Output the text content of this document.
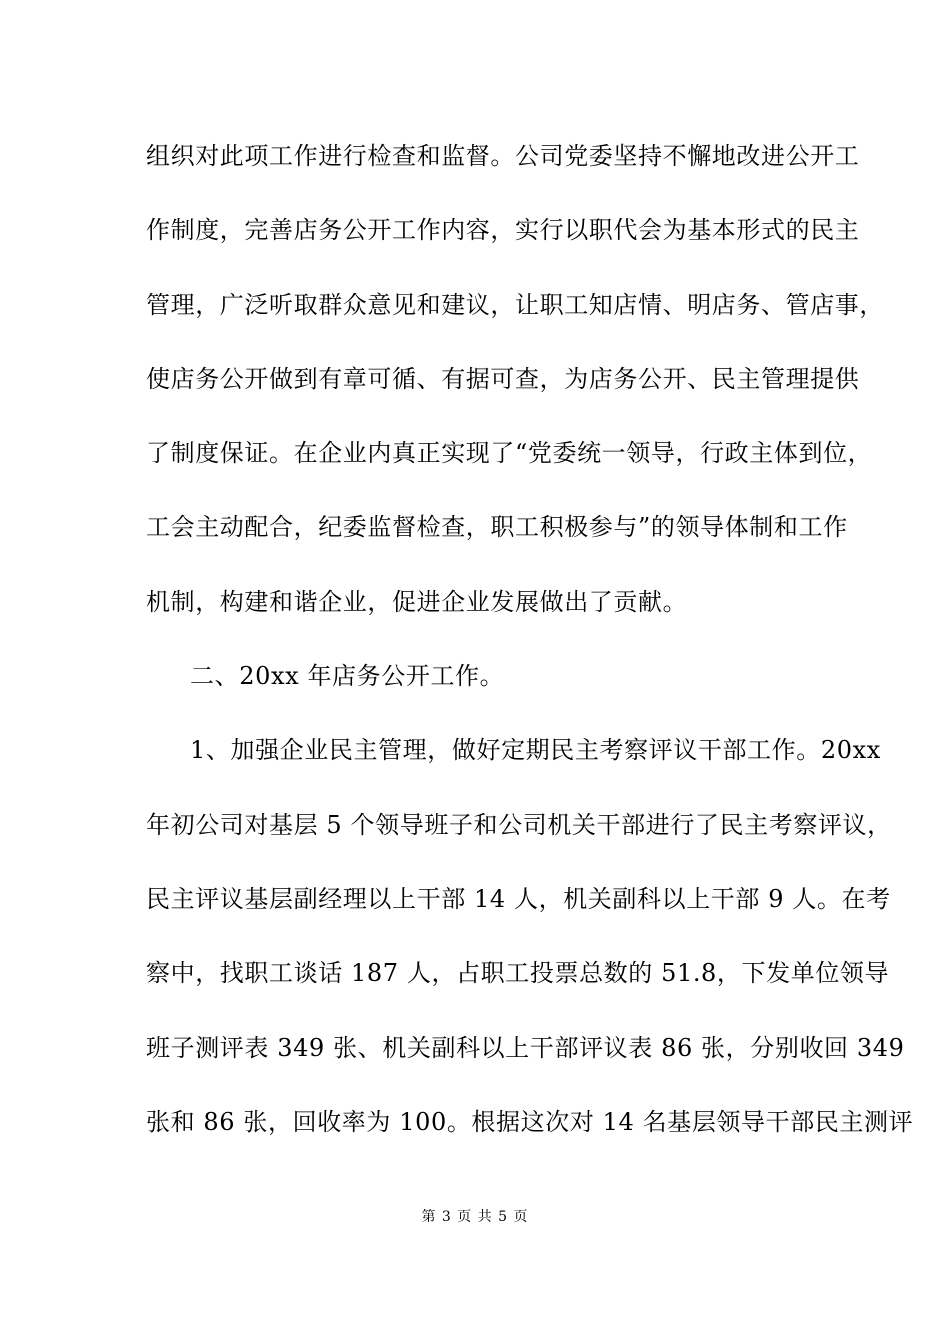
组织对此项工作进行检查和监督。公司党委坚持不懈地改进公开工
作制度，完善店务公开工作内容，实行以职代会为基本形式的民主
管理，广泛听取群众意见和建议，让职工知店情、明店务、管店事，
使店务公开做到有章可循、有据可查，为店务公开、民主管理提供
了制度保证。在企业内真正实现了“党委统一领导，行政主体到位，
工会主动配合，纪委监督检查，职工积极参与”的领导体制和工作
机制，构建和谐企业，促进企业发展做出了贡献。
二、20xx 年店务公开工作。
1、加强企业民主管理，做好定期民主考察评议干部工作。20xx
年初公司对基层 5 个领导班子和公司机关干部进行了民主考察评议，
民主评议基层副经理以上干部 14 人，机关副科以上干部 9 人。在考
察中，找职工谈话 187 人，占职工投票总数的 51.8，下发单位领导
班子测评表 349 张、机关副科以上干部评议表 86 张，分别收回 349
张和 86 张，回收率为 100。根据这次对 14 名基层领导干部民主测评
第 3 页 共 5 页
